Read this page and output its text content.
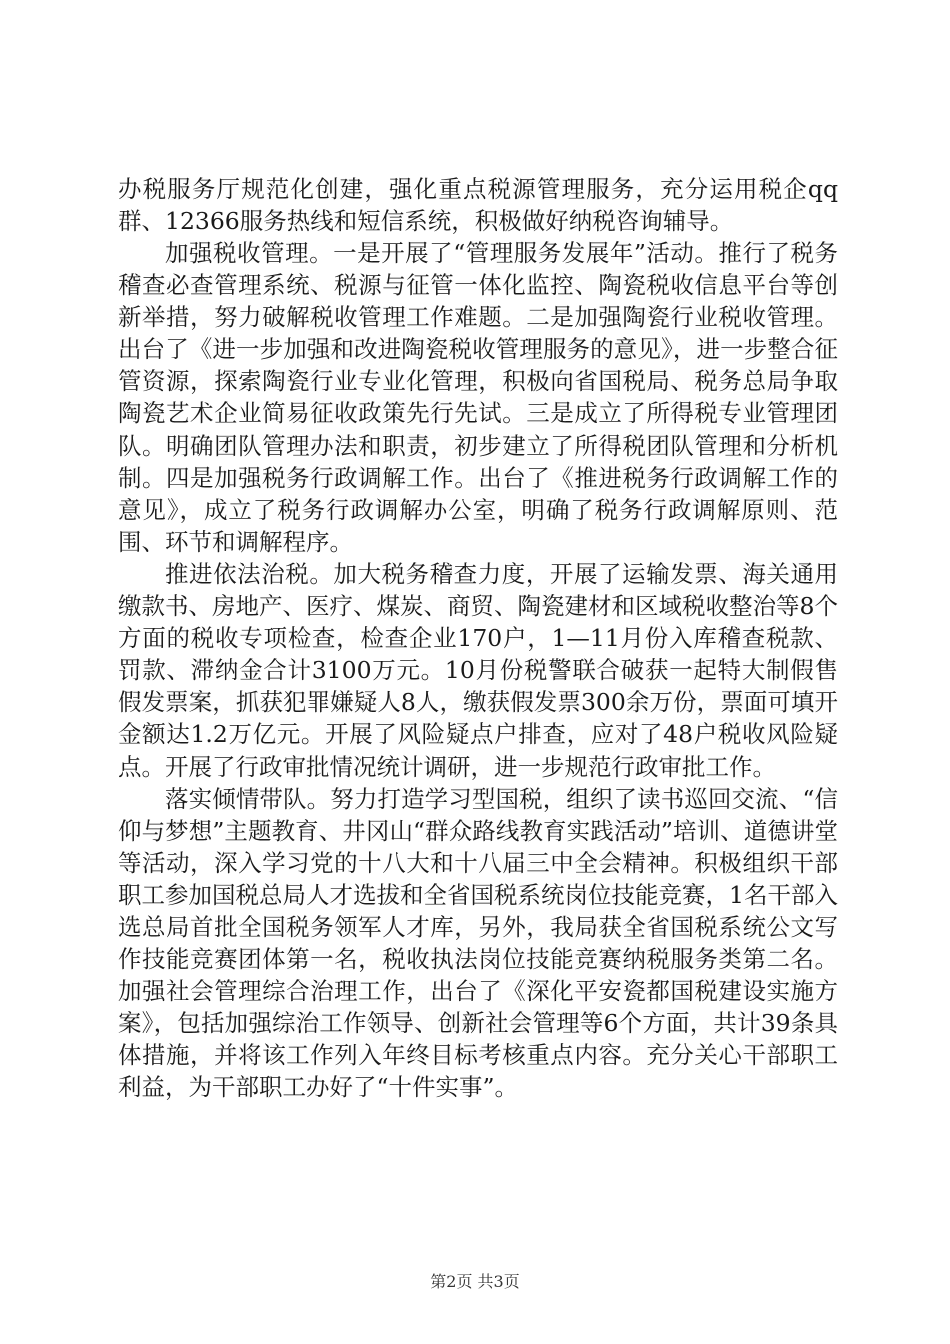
办税服务厅规范化创建，强化重点税源管理服务，充分运用税企qq群、12366服务热线和短信系统，积极做好纳税咨询辅导。

加强税收管理。一是开展了“管理服务发展年”活动。推行了税务稽查必查管理系统、税源与征管一体化监控、陶瓷税收信息平台等创新举措，努力破解税收管理工作难题。二是加强陶瓷行业税收管理。出台了《进一步加强和改进陶瓷税收管理服务的意见》，进一步整合征管资源，探索陶瓷行业专业化管理，积极向省国税局、税务总局争取陶瓷艺术企业简易征收政策先行先试。三是成立了所得税专业管理团队。明确团队管理办法和职责，初步建立了所得税团队管理和分析机制。四是加强税务行政调解工作。出台了《推进税务行政调解工作的意见》，成立了税务行政调解办公室，明确了税务行政调解原则、范围、环节和调解程序。

推进依法治税。加大税务稽查力度，开展了运输发票、海关通用缴款书、房地产、医疗、煤炭、商贸、陶瓷建材和区域税收整治等8个方面的税收专项检查，检查企业170户，1—11月份入库稽查税款、罚款、滞纳金合计3100万元。10月份税警联合破获一起特大制假售假发票案，抓获犯罪嫌疑人8人，缴获假发票300余万份，票面可填开金额达1.2万亿元。开展了风险疑点户排查，应对了48户税收风险疑点。开展了行政审批情况统计调研，进一步规范行政审批工作。

落实倾情带队。努力打造学习型国税，组织了读书巡回交流、“信仰与梦想”主题教育、井冈山“群众路线教育实践活动”培训、道德讲堂等活动，深入学习党的十八大和十八届三中全会精神。积极组织干部职工参加国税总局人才选拔和全省国税系统岗位技能竞赛，1名干部入选总局首批全国税务领军人才库，另外，我局获全省国税系统公文写作技能竞赛团体第一名，税收执法岗位技能竞赛纳税服务类第二名。加强社会管理综合治理工作，出台了《深化平安瓷都国税建设实施方案》，包括加强综治工作领导、创新社会管理等6个方面，共计39条具体措施，并将该工作列入年终目标考核重点内容。充分关心干部职工利益，为干部职工办好了“十件实事”。

第2页 共3页
